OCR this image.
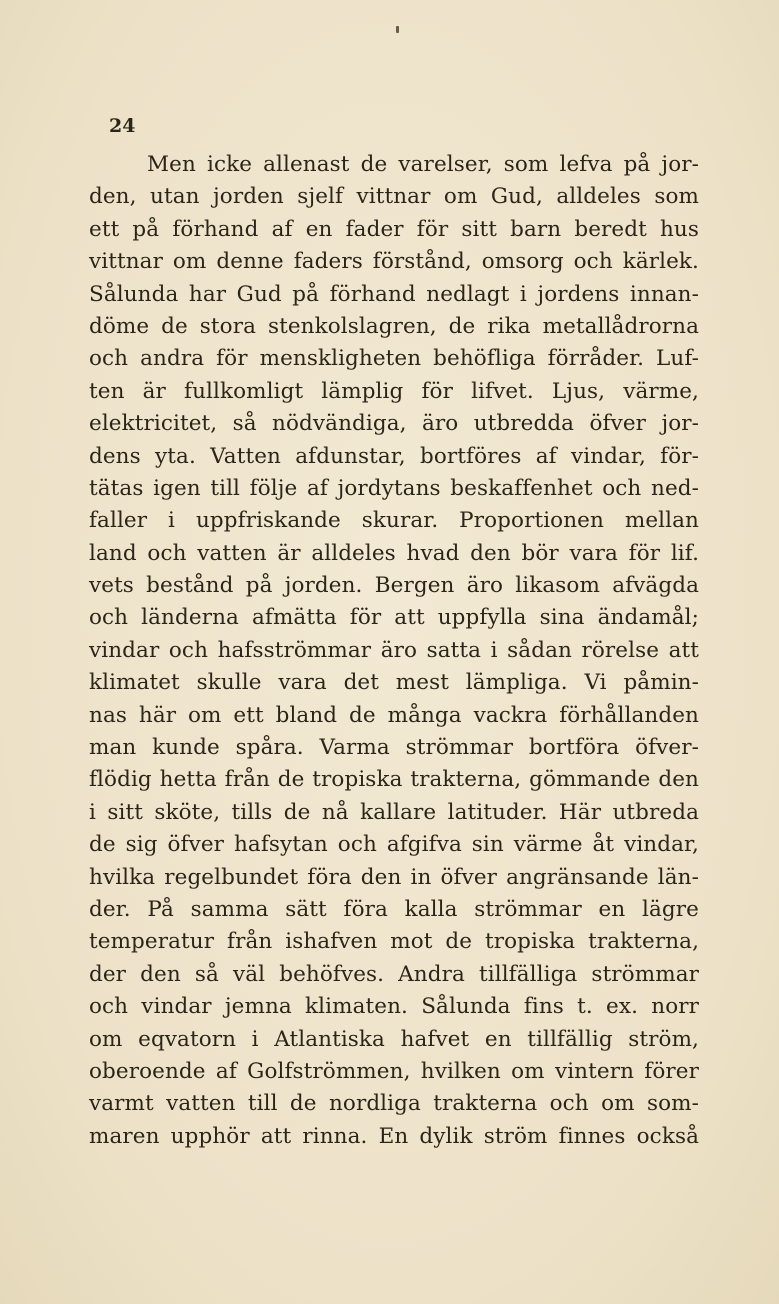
24
Men icke allenast de varelser, som lefva på jor-
den, utan jorden sjelf vittnar om Gud, alldeles som
ett på förhand af en fader för sitt barn beredt hus
vittnar om denne faders förstånd, omsorg och kärlek.
Sålunda har Gud på förhand nedlagt i jordens innan-
döme de stora stenkolslagren, de rika metallådrorna
och andra för menskligheten behöfliga förråder. Luf-
ten är fullkomligt lämplig för lifvet. Ljus, värme,
elektricitet, så nödvändiga, äro utbredda öfver jor-
dens yta. Vatten afdunstar, bortföres af vindar, för-
tätas igen till följe af jordytans beskaffenhet och ned-
faller i uppfriskande skurar. Proportionen mellan
land och vatten är alldeles hvad den bör vara för lif.
vets bestånd på jorden. Bergen äro likasom afvägda
och länderna afmätta för att uppfylla sina ändamål;
vindar och hafsströmmar äro satta i sådan rörelse att
klimatet skulle vara det mest lämpliga. Vi påmin-
nas här om ett bland de många vackra förhållanden
man kunde spåra. Varma strömmar bortföra öfver-
flödig hetta från de tropiska trakterna, gömmande den
i sitt sköte, tills de nå kallare latituder. Här utbreda
de sig öfver hafsytan och afgifva sin värme åt vindar,
hvilka regelbundet föra den in öfver angränsande län-
der. På samma sätt föra kalla strömmar en lägre
temperatur från ishafven mot de tropiska trakterna,
der den så väl behöfves. Andra tillfälliga strömmar
och vindar jemna klimaten. Sålunda fins t. ex. norr
om eqvatorn i Atlantiska hafvet en tillfällig ström,
oberoende af Golfströmmen, hvilken om vintern förer
varmt vatten till de nordliga trakterna och om som-
maren upphör att rinna. En dylik ström finnes också
